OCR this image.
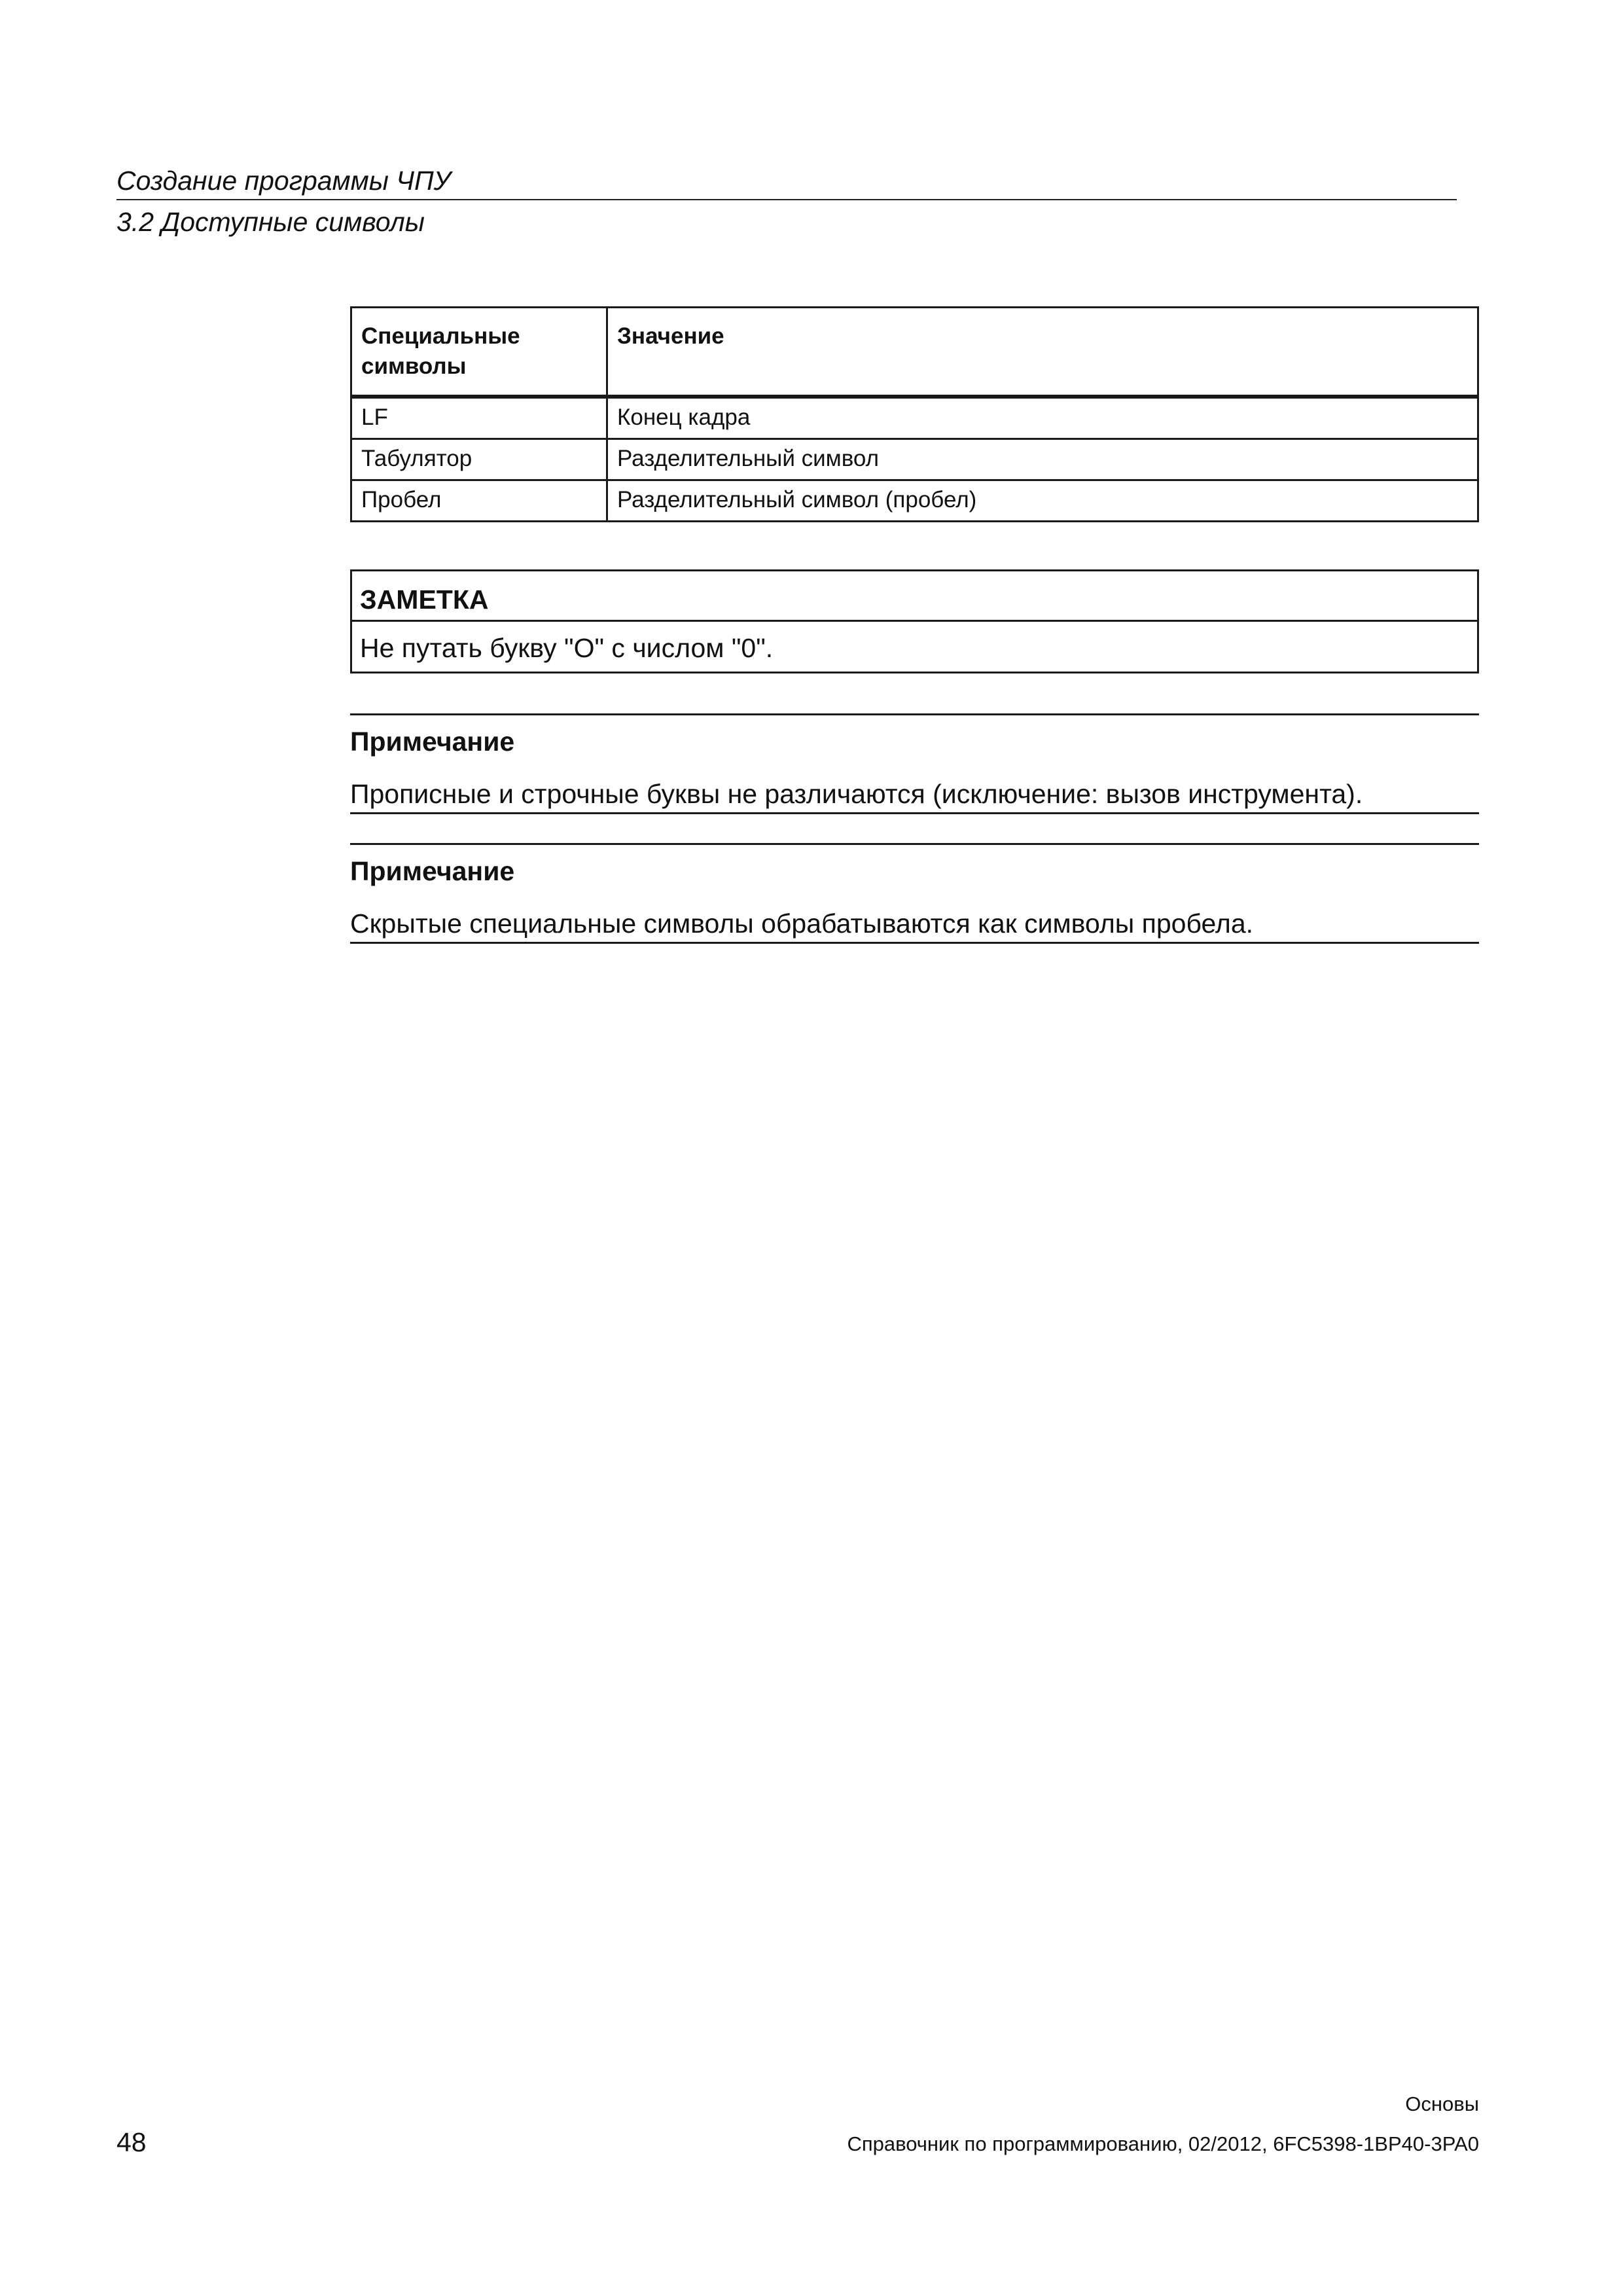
Создание программы ЧПУ
3.2 Доступные символы
Специальные символы	Значение
LF	Конец кадра
Табулятор	Разделительный символ
Пробел	Разделительный символ (пробел)
ЗАМЕТКА
Не путать букву "O" с числом "0".
Примечание
Прописные и строчные буквы не различаются (исключение: вызов инструмента).
Примечание
Скрытые специальные символы обрабатываются как символы пробела.
48
Основы
Справочник по программированию, 02/2012, 6FC5398-1BP40-3PA0
